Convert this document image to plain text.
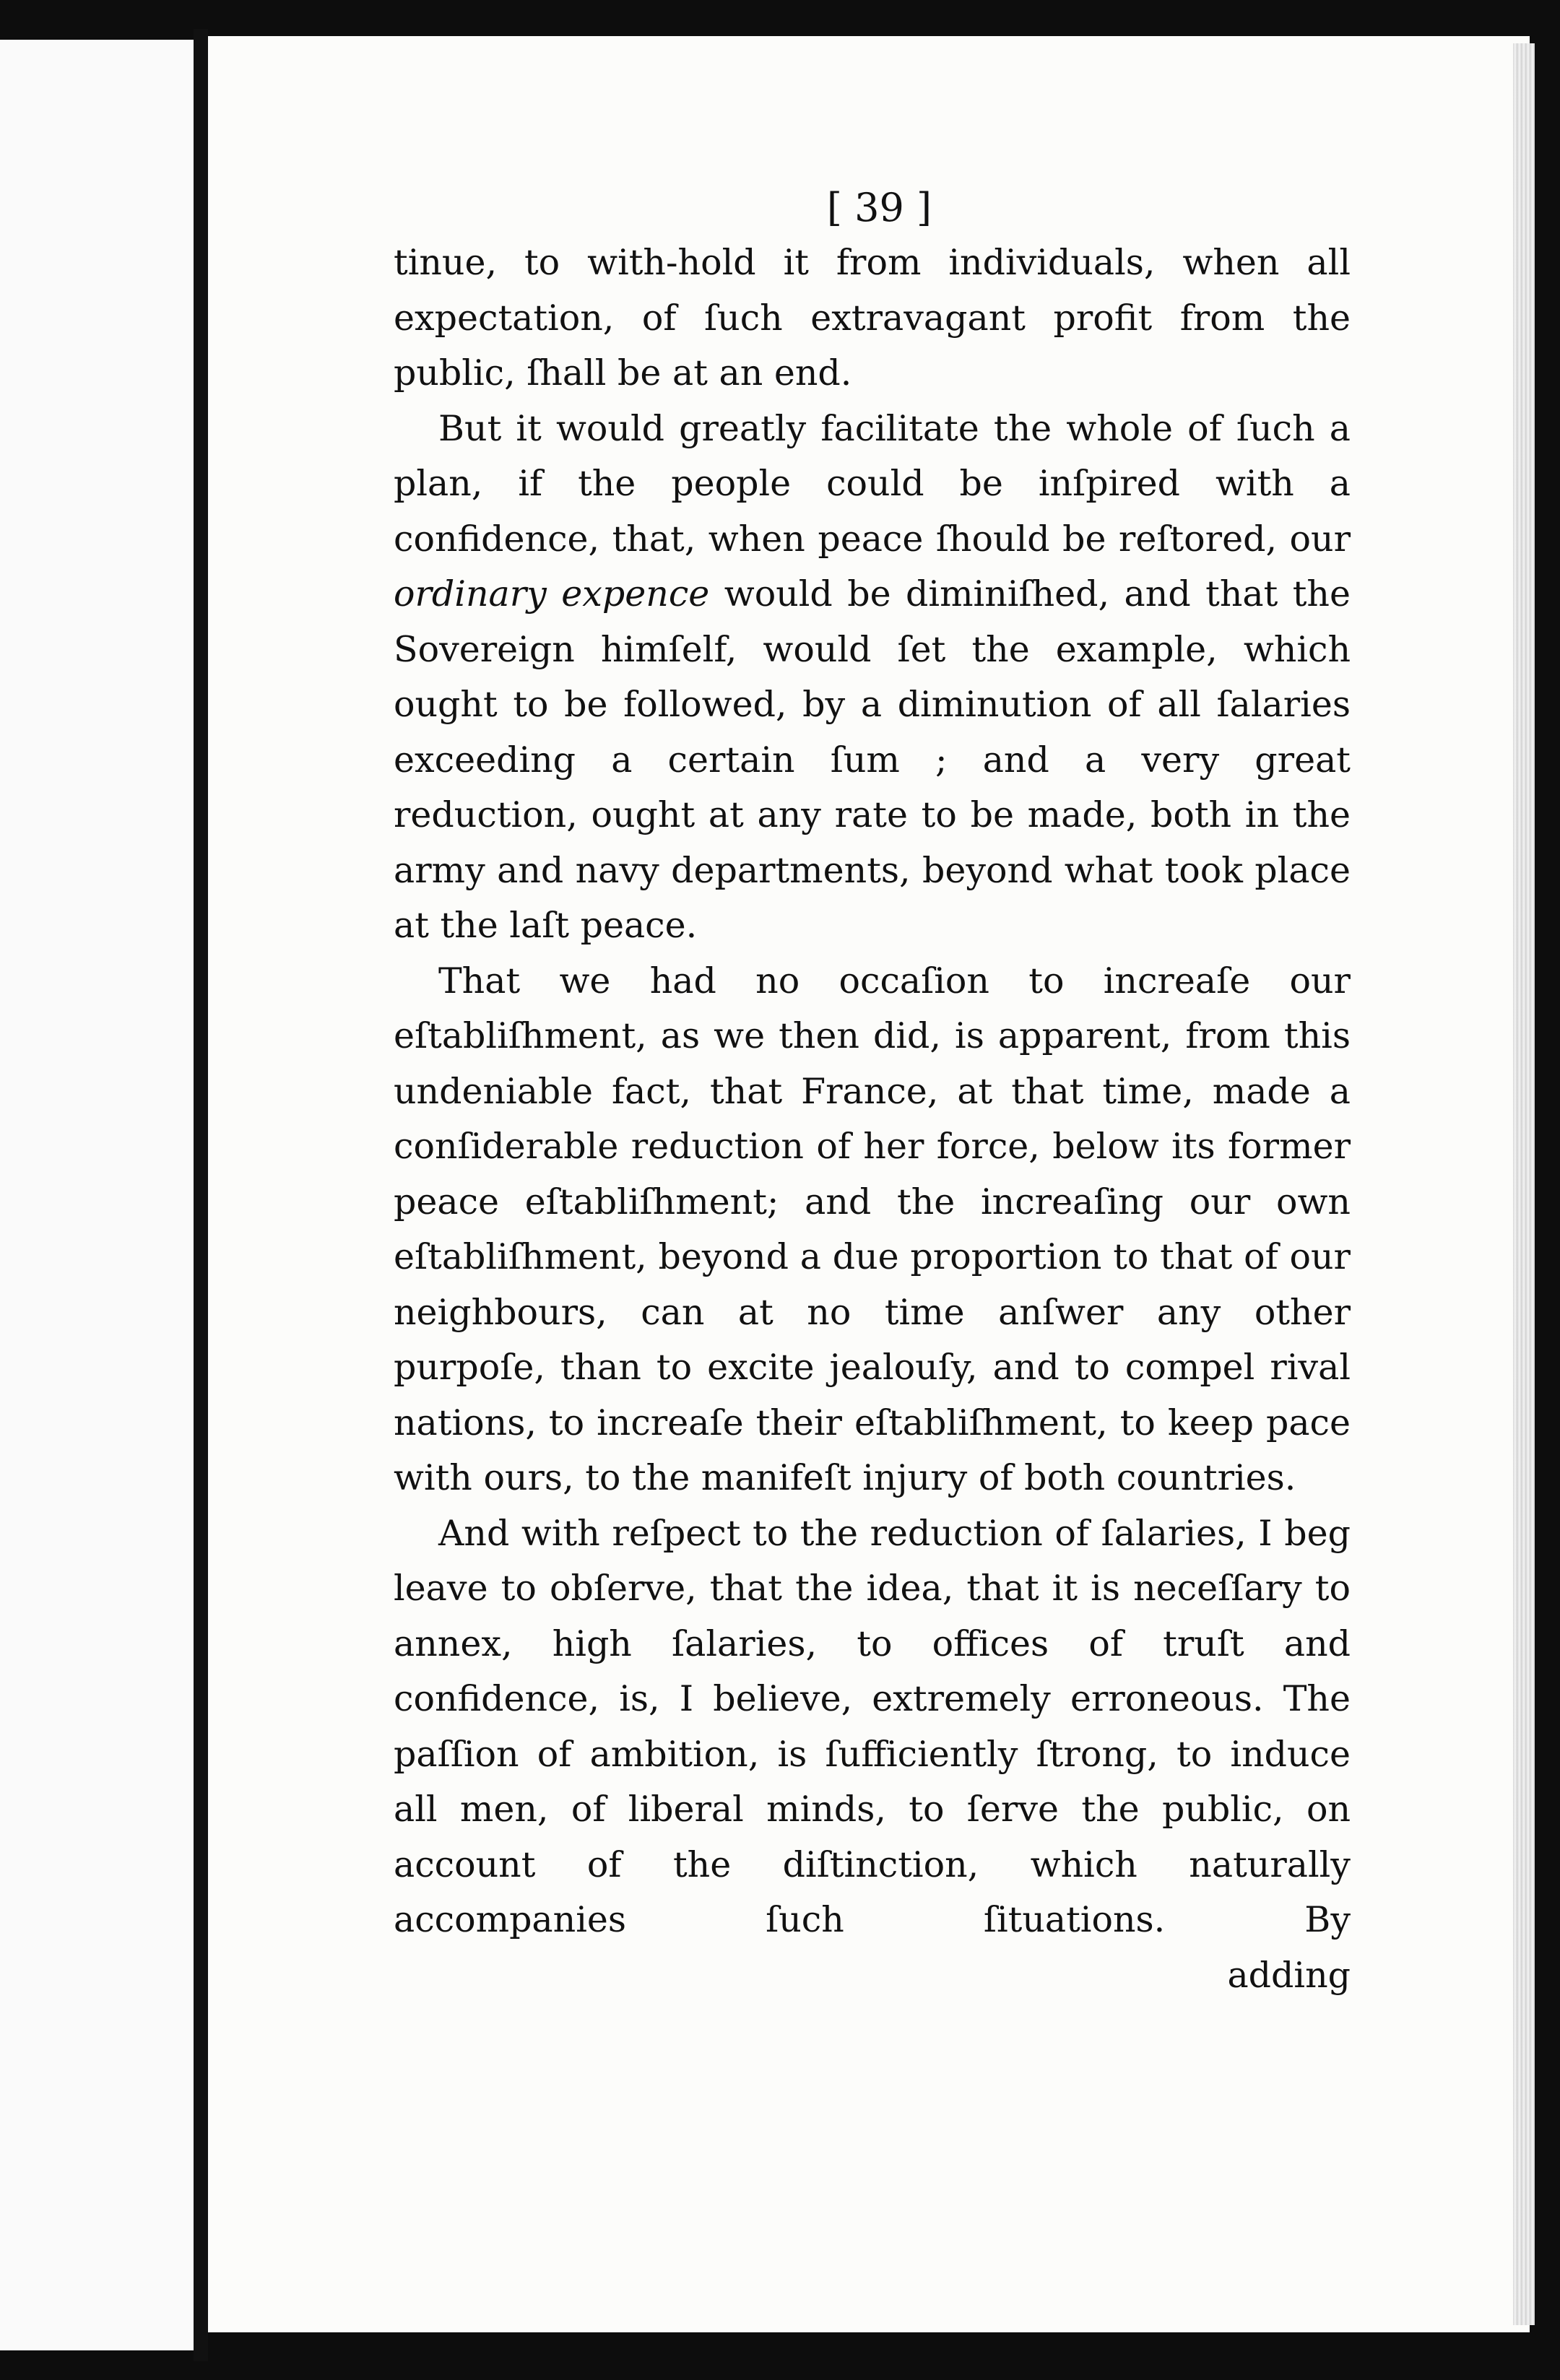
[ 39 ]

tinue, to with-hold it from individuals, when all expectation, of ſuch extravagant profit from the public, ſhall be at an end.

But it would greatly facilitate the whole of ſuch a plan, if the people could be inſpired with a confidence, that, when peace ſhould be reſtored, our ordinary expence would be diminiſhed, and that the Sovereign himſelf, would ſet the example, which ought to be followed, by a diminution of all ſalaries exceeding a certain ſum ; and a very great reduction, ought at any rate to be made, both in the army and navy departments, beyond what took place at the laſt peace.

That we had no occaſion to increaſe our eſtabliſhment, as we then did, is apparent, from this undeniable fact, that France, at that time, made a conſiderable reduction of her force, below its former peace eſtabliſhment; and the increaſing our own eſtabliſhment, beyond a due proportion to that of our neighbours, can at no time anſwer any other purpoſe, than to excite jealouſy, and to compel rival nations, to increaſe their eſtabliſhment, to keep pace with ours, to the manifeſt injury of both countries.

And with reſpect to the reduction of ſalaries, I beg leave to obſerve, that the idea, that it is neceſſary to annex, high ſalaries, to offices of truſt and confidence, is, I believe, extremely erroneous. The paſſion of ambition, is ſufficiently ſtrong, to induce all men, of liberal minds, to ſerve the public, on account of the diſtinction, which naturally accompanies ſuch ſituations. By

adding
